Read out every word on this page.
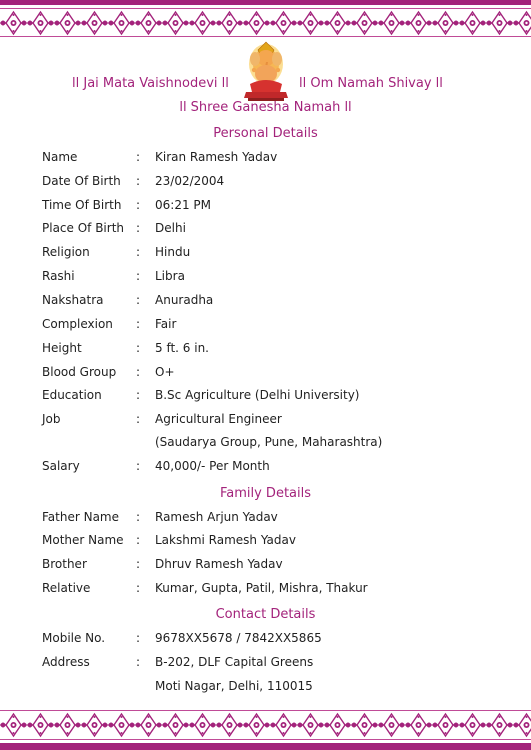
ll Jai Mata Vaishnodevi ll	ll Om Namah Shivay ll
ll Shree Ganesha Namah ll
Personal Details
Name	: Kiran Ramesh Yadav
Date Of Birth : 23/02/2004
Time Of Birth : 06:21 PM
Place Of Birth : Delhi
Religion	: Hindu
Rashi	: Libra
Nakshatra	: Anuradha
Complexion : Fair
Height	: 5 ft. 6 in.
Blood Group : O+
Education	: B.Sc Agriculture (Delhi University)
Job	: Agricultural Engineer
(Saudarya Group, Pune, Maharashtra)
Salary	: 40,000/- Per Month
Family Details
Father Name : Ramesh Arjun Yadav
Mother Name : Lakshmi Ramesh Yadav
Brother	: Dhruv Ramesh Yadav
Relative	: Kumar, Gupta, Patil, Mishra, Thakur
Contact Details
Mobile No.	: 9678XX5678 / 7842XX5865
Address	: B-202, DLF Capital Greens
Moti Nagar, Delhi, 110015
